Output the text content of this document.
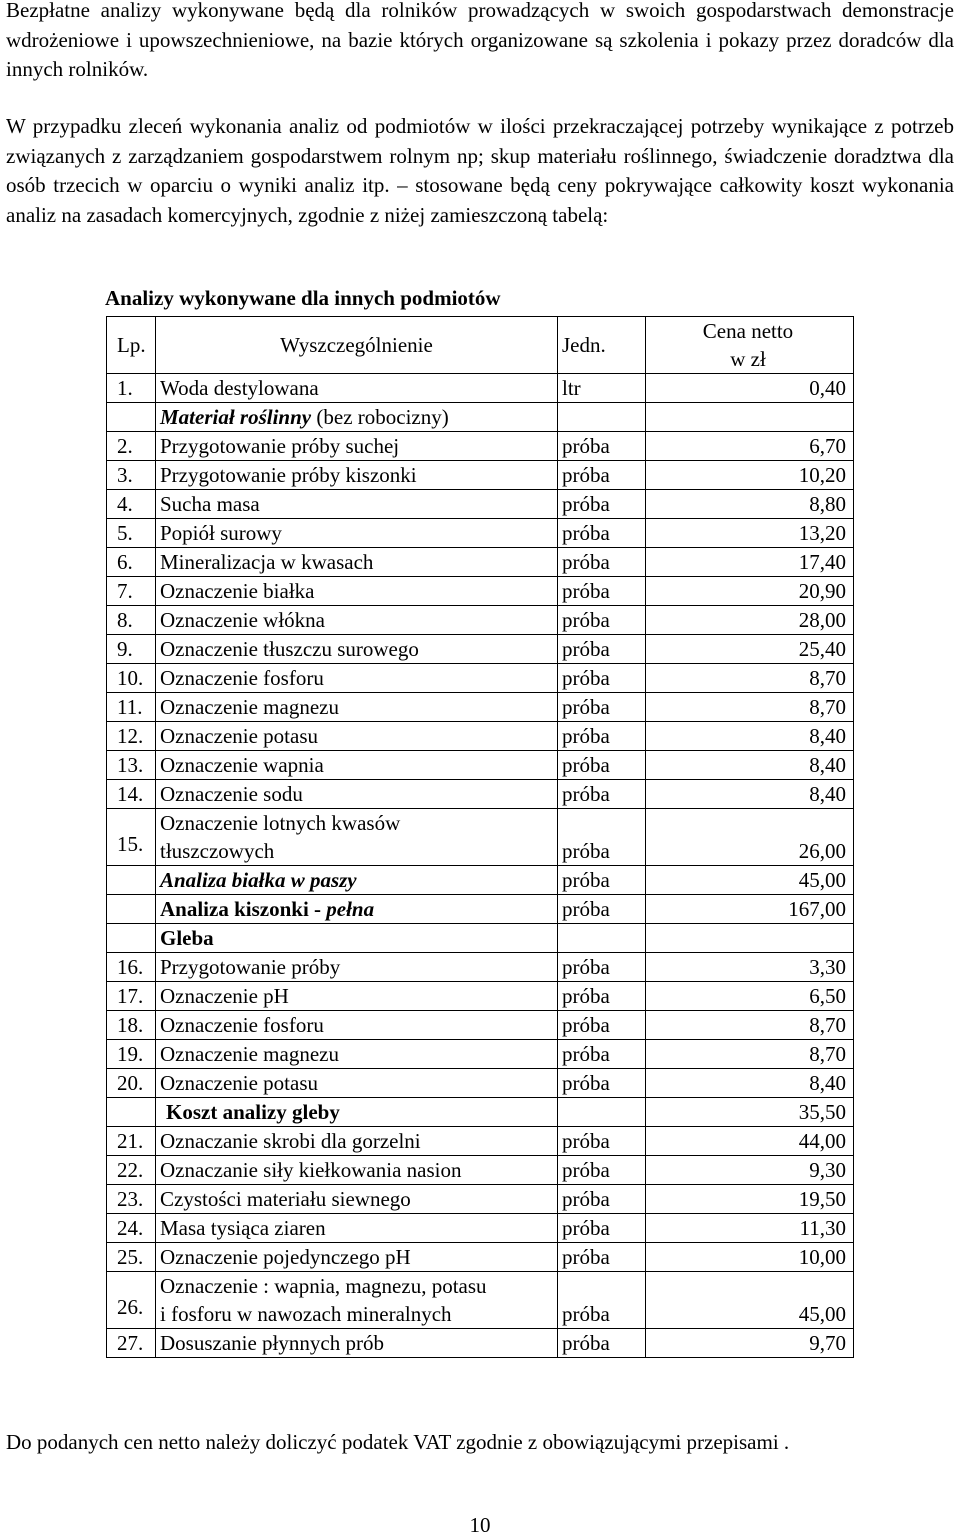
Bezpłatne analizy wykonywane będą dla rolników prowadzących w swoich gospodarstwach demonstracje wdrożeniowe i upowszechnieniowe, na bazie których organizowane są szkolenia i pokazy przez doradców dla innych rolników.

W przypadku zleceń wykonania analiz od podmiotów w ilości przekraczającej potrzeby wynikające z potrzeb związanych z zarządzaniem gospodarstwem rolnym np; skup materiału roślinnego, świadczenie doradztwa dla osób trzecich w oparciu o wyniki analiz itp. – stosowane będą ceny pokrywające całkowity koszt wykonania analiz na zasadach komercyjnych, zgodnie z niżej zamieszczoną tabelą:

Analizy wykonywane dla innych podmiotów

Lp.	Wyszczególnienie	Jedn.	Cena netto
w zł
1.	Woda destylowana	ltr	0,40
	Materiał roślinny (bez robocizny)		
2.	Przygotowanie próby suchej	próba	6,70
3.	Przygotowanie próby kiszonki	próba	10,20
4.	Sucha masa	próba	8,80
5.	Popiół surowy	próba	13,20
6.	Mineralizacja w kwasach	próba	17,40
7.	Oznaczenie białka	próba	20,90
8.	Oznaczenie włókna	próba	28,00
9.	Oznaczenie tłuszczu surowego	próba	25,40
10.	Oznaczenie fosforu	próba	8,70
11.	Oznaczenie magnezu	próba	8,70
12.	Oznaczenie potasu	próba	8,40
13.	Oznaczenie wapnia	próba	8,40
14.	Oznaczenie sodu	próba	8,40
15.	Oznaczenie lotnych kwasów
tłuszczowych	próba	26,00
	Analiza białka w paszy	próba	45,00
	Analiza kiszonki - pełna	próba	167,00
	Gleba		
16.	Przygotowanie próby	próba	3,30
17.	Oznaczenie pH	próba	6,50
18.	Oznaczenie fosforu	próba	8,70
19.	Oznaczenie magnezu	próba	8,70
20.	Oznaczenie potasu	próba	8,40
	Koszt analizy gleby		35,50
21.	Oznaczanie skrobi dla gorzelni	próba	44,00
22.	Oznaczanie siły kiełkowania nasion	próba	9,30
23.	Czystości materiału siewnego	próba	19,50
24.	Masa tysiąca ziaren	próba	11,30
25.	Oznaczenie pojedynczego pH	próba	10,00
26.	Oznaczenie : wapnia, magnezu, potasu
i fosforu w nawozach mineralnych	próba	45,00
27.	Dosuszanie płynnych prób	próba	9,70

Do podanych cen netto należy doliczyć podatek VAT zgodnie z obowiązującymi przepisami .

10
